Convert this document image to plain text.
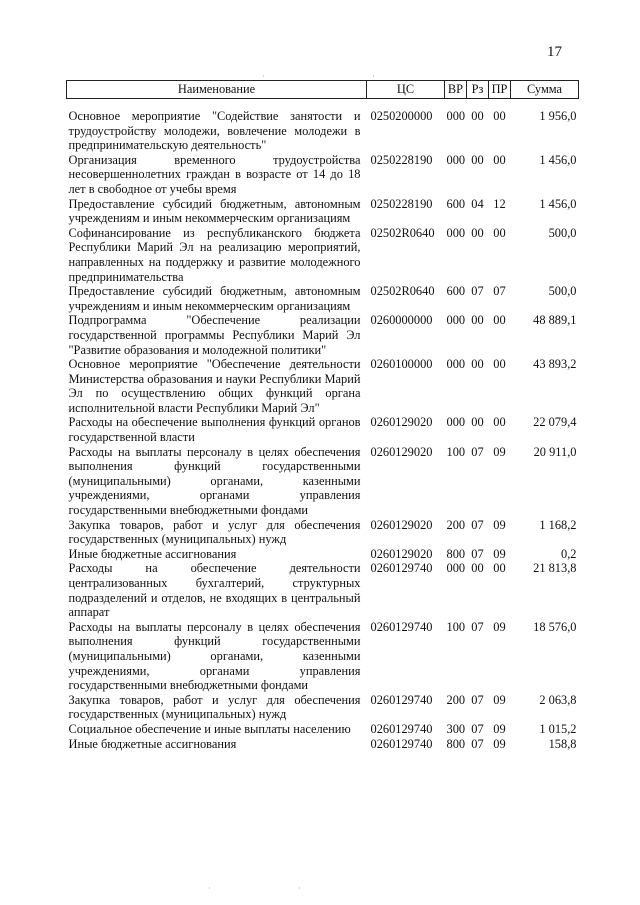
17
·	·
·	·
Наименование	ЦС	ВР	Рз	ПР	Сумма
Основное мероприятие "Содействие занятости и трудоустройству молодежи, вовлечение молодежи в предпринимательскую деятельность"	0250200000	000	00	00	1 956,0
Организация временного трудоустройства несовершеннолетних граждан в возрасте от 14 до 18 лет в свободное от учебы время	0250228190	000	00	00	1 456,0
Предоставление субсидий бюджетным, автономным учреждениям и иным некоммерческим организациям	0250228190	600	04	12	1 456,0
Софинансирование из республиканского бюджета Республики Марий Эл на реализацию мероприятий, направленных на поддержку и развитие молодежного предпринимательства	02502R0640	000	00	00	500,0
Предоставление субсидий бюджетным, автономным учреждениям и иным некоммерческим организациям	02502R0640	600	07	07	500,0
Подпрограмма "Обеспечение реализации государственной программы Республики Марий Эл "Развитие образования и молодежной политики"	0260000000	000	00	00	48 889,1
Основное мероприятие "Обеспечение деятельности Министерства образования и науки Республики Марий Эл по осуществлению общих функций органа исполнительной власти Республики Марий Эл"	0260100000	000	00	00	43 893,2
Расходы на обеспечение выполнения функций органов государственной власти	0260129020	000	00	00	22 079,4
Расходы на выплаты персоналу в целях обеспечения выполнения функций государственными (муниципальными) органами, казенными учреждениями, органами управления государственными внебюджетными фондами	0260129020	100	07	09	20 911,0
Закупка товаров, работ и услуг для обеспечения государственных (муниципальных) нужд	0260129020	200	07	09	1 168,2
Иные бюджетные ассигнования	0260129020	800	07	09	0,2
Расходы на обеспечение деятельности централизованных бухгалтерий, структурных подразделений и отделов, не входящих в центральный аппарат	0260129740	000	00	00	21 813,8
Расходы на выплаты персоналу в целях обеспечения выполнения функций государственными (муниципальными) органами, казенными учреждениями, органами управления государственными внебюджетными фондами	0260129740	100	07	09	18 576,0
Закупка товаров, работ и услуг для обеспечения государственных (муниципальных) нужд	0260129740	200	07	09	2 063,8
Социальное обеспечение и иные выплаты населению	0260129740	300	07	09	1 015,2
Иные бюджетные ассигнования	0260129740	800	07	09	158,8
